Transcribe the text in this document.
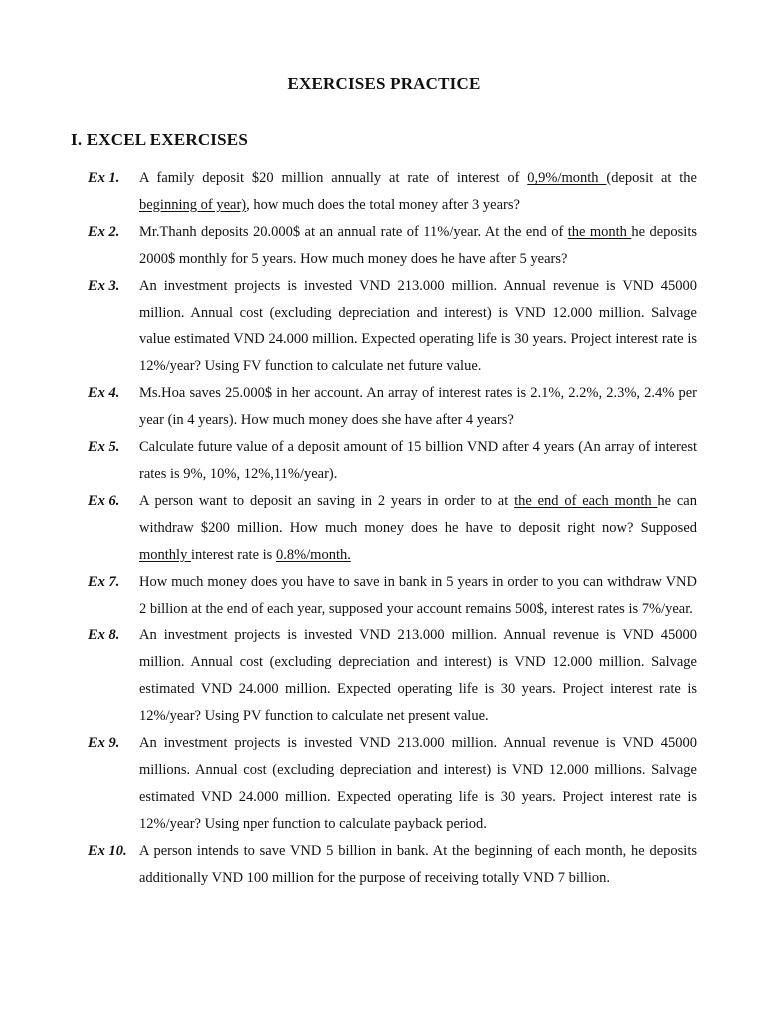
EXERCISES PRACTICE
I. EXCEL EXERCISES
Ex 1. A family deposit $20 million annually at rate of interest of 0,9%/month (deposit at the beginning of year), how much does the total money after 3 years?
Ex 2. Mr.Thanh deposits 20.000$ at an annual rate of 11%/year. At the end of the month he deposits 2000$ monthly for 5 years. How much money does he have after 5 years?
Ex 3. An investment projects is invested VND 213.000 million. Annual revenue is VND 45000 million. Annual cost (excluding depreciation and interest) is VND 12.000 million. Salvage value estimated VND 24.000 million. Expected operating life is 30 years. Project interest rate is 12%/year? Using FV function to calculate net future value.
Ex 4. Ms.Hoa saves 25.000$ in her account. An array of interest rates is 2.1%, 2.2%, 2.3%, 2.4% per year (in 4 years). How much money does she have after 4 years?
Ex 5. Calculate future value of a deposit amount of 15 billion VND after 4 years (An array of interest rates is 9%, 10%, 12%,11%/year).
Ex 6. A person want to deposit an saving in 2 years in order to at the end of each month he can withdraw $200 million. How much money does he have to deposit right now? Supposed monthly interest rate is 0.8%/month.
Ex 7. How much money does you have to save in bank in 5 years in order to you can withdraw VND 2 billion at the end of each year, supposed your account remains 500$, interest rates is 7%/year.
Ex 8. An investment projects is invested VND 213.000 million. Annual revenue is VND 45000 million. Annual cost (excluding depreciation and interest) is VND 12.000 million. Salvage estimated VND 24.000 million. Expected operating life is 30 years. Project interest rate is 12%/year? Using PV function to calculate net present value.
Ex 9. An investment projects is invested VND 213.000 million. Annual revenue is VND 45000 millions. Annual cost (excluding depreciation and interest) is VND 12.000 millions. Salvage estimated VND 24.000 million. Expected operating life is 30 years. Project interest rate is 12%/year? Using nper function to calculate payback period.
Ex 10. A person intends to save VND 5 billion in bank. At the beginning of each month, he deposits additionally VND 100 million for the purpose of receiving totally VND 7 billion.
